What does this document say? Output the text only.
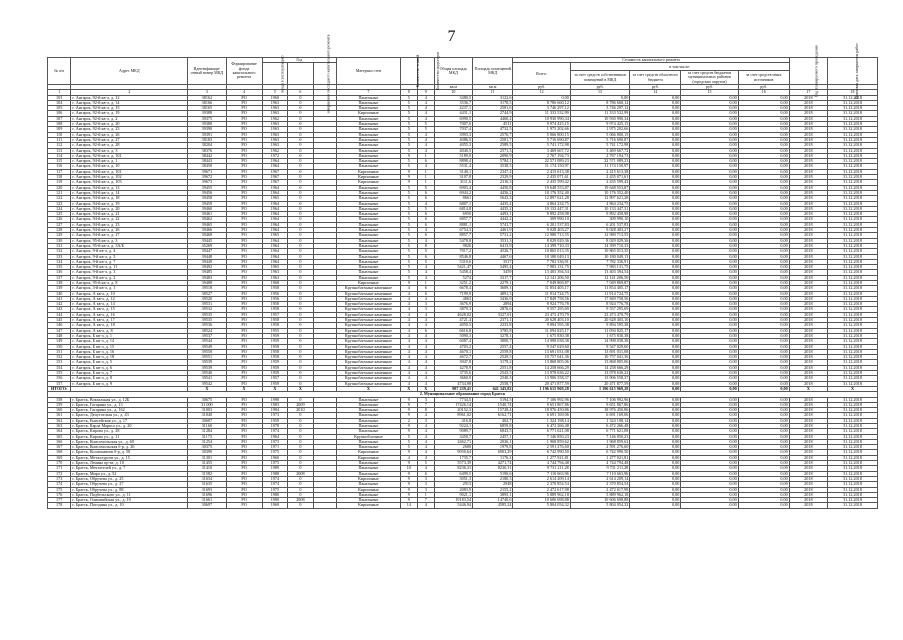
7
№ п/п	Адрес МКД	Идентификаци-онный номер МКД	Формирование фонда капитального ремонта	Год			Материал стен	Количество этажей	Количество подъездов	Общая площадь МКД	Площадь помещений МКД	Стоимость капитального ремонта					Год планируемого проведения	Плановая дата завершения работ
				ввода в эксплуатацию	завершения последнего капитального ремонта							Всего:	в том числе:					
													за счет средств собственников помещений в МКД	за счет средств областного бюджета	за счет средств бюджетов муниципальных районов (городских округов)	за счет средств иных источников		
										кв.м	кв.м	руб.	руб.	руб.	руб.	руб.		
1	2	3	4	5	6		7	8	9	10	11	12	13	14	15	16	17	18
103	г. Ангарск, 92-й кв-л, д. 12	38162	РО	1960	0		Панельные	5	4	3480,5	3122,6	0,00	0,00	0,00	0,00	0,00	2018	31.12.2018
104	г. Ангарск, 92-й кв-л, д. 14	38166	РО	1963	0		Панельные	5	4	3536,7	3178,5	8 786 660,12	8 786 660,12	0,00	0,00	0,00	2018	31.12.2018
105	г. Ангарск, 92-й кв-л, д. 15	38165	РО	1963	0		Панельные	5	4	4237,1	2581,6	3 746 297,12	3 746 297,12	0,00	0,00	0,00	2018	31.12.2018
106	г. Ангарск, 92-й кв-л, д. 19	39388	РО	1963	0		Кирпичные	5	4	4431,1	2744,9	11 333 532,99	11 333 532,99	0,00	0,00	0,00	2018	31.12.2018
107	г. Ангарск, 92-й кв-л, д. 2	39375	РО	1962	0		Панельные	5	4	6990,5	4460,2	10 930 990,34	10 930 990,34	0,00	0,00	0,00	2018	31.12.2018
108	г. Ангарск, 92-й кв-л, д. 20	39380	РО	1963	0		Панельные	5	5	7007,6	4511	9 974 425,15	9 974 425,15	0,00	0,00	0,00	2018	31.12.2018
109	г. Ангарск, 92-й кв-л, д. 23	39390	РО	1963	0		Панельные	5	5	7037,4	4732,5	1 975 202,66	1 975 202,66	0,00	0,00	0,00	2018	31.12.2018
110	г. Ангарск, 92-й кв-л, д. 26	39391	РО	1963	0		Панельные	5	4	3993,3	2576,7	5 066 800,15	5 066 800,15	0,00	0,00	0,00	2018	31.12.2018
111	г. Ангарск, 92-й кв-л, д. 27	38183	РО	1963	0		Панельные	5	4	4086,5	2581,7	5 716 690,87	5 716 690,87	0,00	0,00	0,00	2018	31.12.2018
112	г. Ангарск, 92-й кв-л, д. 28	38204	РО	1963	0		Панельные	5	4	4055,3	2589,5	5 741 172,98	5 741 172,98	0,00	0,00	0,00	2018	31.12.2018
113	г. Ангарск, 92-й кв-л, д. 3	38376	РО	1962	0		Панельные	5	4	4040,5	2571,3	3 469 667,72	3 469 667,72	0,00	0,00	0,00	2018	31.12.2018
114	г. Ангарск, 92-й кв-л, д. 101	38442	РО	1972	0		Панельные	9	1	5189,0	2090,9	2 767 194,73	2 767 194,73	0,00	0,00	0,00	2018	31.12.2018
115	г. Ангарск, 94-й кв-л, д. 1	38443	РО	1964	0		Панельные	5	6	8898,4	5784,1	22 571 089,23	22 571 089,23	0,00	0,00	0,00	2018	31.12.2018
116	г. Ангарск, 94-й кв-л, д. 10	38450	РО	1964	0		Панельные	5	4	5531,4	3538,5	11 174 150,97	11 174 150,97	0,00	0,00	0,00	2018	31.12.2018
117	г. Ангарск, 94-й кв-л, д. 101	39671	РО	1967	0		Кирпичные	9	1	3140,1	2347,4	2 415 613,38	2 415 613,38	0,00	0,00	0,00	2018	31.12.2018
118	г. Ангарск, 94-й кв-л, д. 102	39672	РО	1967	0		Кирпичные	9	1	3107,8	2329,9	2 435 071,61	2 435 071,61	0,00	0,00	0,00	2018	31.12.2018
119	г. Ангарск, 94-й кв-л, д. 103	39673	РО	1967	0		Кирпичные	9	1	3111,6	2316,3	2 435 599,42	2 435 599,42	0,00	0,00	0,00	2018	31.12.2018
120	г. Ангарск, 94-й кв-л, д. 13	39455	РО	1964	0		Панельные	5	5	6903,4	4450,8	19 648 553,87	19 648 553,87	0,00	0,00	0,00	2018	31.12.2018
121	г. Ангарск, 94-й кв-л, д. 14	39456	РО	1964	0		Панельные	5	6	6944,2	4456,2	10 176 352,40	10 176 352,40	0,00	0,00	0,00	2018	31.12.2018
122	г. Ангарск, 94-й кв-л, д. 18	39458	РО	1965	0		Панельные	5	6	8661	5643,3	12 897 621,28	12 897 621,28	0,00	0,00	0,00	2018	31.12.2018
123	г. Ангарск, 94-й кв-л, д. 19	39459	РО	1964	0		Панельные	5	4	6807,1	4435,4	4 864 234,75	4 864 234,75	0,00	0,00	0,00	2018	31.12.2018
124	г. Ангарск, 94-й кв-л, д. 20	39460	РО	1964	0		Панельные	5	5	6814,8	4435,2	10 133 447,31	10 133 447,31	0,00	0,00	0,00	2018	31.12.2018
125	г. Ангарск, 94-й кв-л, д. 21	39461	РО	1964	0		Панельные	5	6	6950	4493,1	9 892 458,98	9 892 458,98	0,00	0,00	0,00	2018	31.12.2018
126	г. Ангарск, 94-й кв-л, д. 22	39462	РО	1964	0		Панельные	5	6	6857,7	4442,2	309 990,10	309 990,10	0,00	0,00	0,00	2018	31.12.2018
127	г. Ангарск, 94-й кв-л, д. 23	39465	РО	1964	0		Панельные	5	6	8881,1	5741,7	6 201 537,83	6 201 537,83	0,00	0,00	0,00	2018	31.12.2018
128	г. Ангарск, 94-й кв-л, д. 26	39466	РО	1964	0		Панельные	5	4	6754,3	4461,9	9 028 403,27	9 028 403,27	0,00	0,00	0,00	2018	31.12.2018
129	г. Ангарск, 94-й кв-л, д. 27	39468	РО	1965	0		Панельные	5	6	8857,7	5731,2	12 980 713,55	12 980 713,55	0,00	0,00	0,00	2018	31.12.2018
130	г. Ангарск, 95-й кв-л, д. 3	39445	РО	1964	0		Панельные	5	4	5478,8	3531,3	8 029 029,36	8 029 029,36	0,00	0,00	0,00	2018	31.12.2018
131	г. Ангарск, 95-й кв-л, д. 3А/Б	45269	РО	1964	0		Панельные	5	8	9826	6413,9	14 399 710,33	14 399 710,33	0,00	0,00	0,00	2018	31.12.2018
132	г. Ангарск, 9-й кв-л, д. 4	39447	РО	1964	0		Панельные	5	5	7017,2	4526,7	10 865 013,35	10 865 013,35	0,00	0,00	0,00	2018	31.12.2018
133	г. Ангарск, 9-й кв-л, д. 5	39448	РО	1964	0		Панельные	5	6	8546,8	4467,6	10 180 049,13	10 180 049,13	0,00	0,00	0,00	2018	31.12.2018
134	г. Ангарск, 9-й кв-л, д. 7	39449	РО	1964	0		Панельные	5	5	5310,6	3517	7 782 336,91	7 782 336,91	0,00	0,00	0,00	2018	31.12.2018
135	г. Ангарск, 9-й кв-л, д. 11	39492	РО	1965	0		Панельные	5	4	5421,47	3495,4	7 983 131,75	7 983 131,75	0,00	0,00	0,00	2018	31.12.2018
136	г. Ангарск, 9-й кв-л, д. 3	39485	РО	1963	0		Панельные	5	4	5458,4	3459	13 403 394,54	13 403 394,54	0,00	0,00	0,00	2018	31.12.2018
137	г. Ангарск, 9-й кв-л, д. 2	39483	РО	1963	0		Панельные	5	4	5274	3317,7	12 141 206,50	12 141 206,50	0,00	0,00	0,00	2018	31.12.2018
138	г. Ангарск, 95-й кв-л, д. 8	39488	РО	1968	0		Кирпичные	9	1	3251,2	2279,1	7 049 869,87	7 049 869,87	0,00	0,00	0,00	2018	31.12.2018
139	г. Ангарск, 3-й кв-л, д. 1	39518	РО	1958	0		Крупноблочные каменные	4	6	6678,4	3609,1	11 854 405,17	11 854 405,17	0,00	0,00	0,00	2018	31.12.2018
140	г. Ангарск, А кв-л, д. 10	38527	РО	1956	0		Крупноблочные каменные	4	6	7199,9	4891,3	11 914 724,75	11 914 724,75	0,00	0,00	0,00	2018	31.12.2018
141	г. Ангарск, А кв-л, д. 12	39520	РО	1956	0		Крупноблочные каменные	4	4	4863	3436,9	17 849 758,56	17 849 758,56	0,00	0,00	0,00	2018	31.12.2018
142	г. Ангарск, А кв-л, д. 14	39531	РО	1958	0		Крупноблочные каменные	4	3	3676,9	2894	8 924 776,78	8 924 776,78	0,00	0,00	0,00	2018	31.12.2018
143	г. Ангарск, А кв-л, д. 15	39532	РО	1958	0		Крупноблочные каменные	4	3	3879,3	2876,6	9 557 295,69	9 557 295,69	0,00	0,00	0,00	2018	31.12.2018
144	г. Ангарск, А кв-л, д. 16	39535	РО	1957	0		Крупноблочные каменные	4	4	4628,02	3327,01	23 473 470,79	23 473 470,79	0,00	0,00	0,00	2018	31.12.2018
145	г. Ангарск, А кв-л, д. 17	39535	РО	1958	0		Крупноблочные каменные	4	4	4721,4	2371,1	20 628 403,10	20 628 403,10	0,00	0,00	0,00	2018	31.12.2018
146	г. Ангарск, А кв-л, д. 18	39536	РО	1958	0		Крупноблочные каменные	4	4	4050,5	2233,8	9 894 595,38	9 894 595,38	0,00	0,00	0,00	2018	31.12.2018
147	г. Ангарск, А кв-л, д. 8	38524	РО	1955	0		Крупноблочные каменные	4	6	6616,8	3785,8	11 094 825,17	11 094 825,17	0,00	0,00	0,00	2018	31.12.2018
148	г. Ангарск, Б кв-л, д. 1	39537	РО	1959	0		Крупноблочные каменные	4	4	5090,3	3278,1	1 675 830,38	1 675 830,38	0,00	0,00	0,00	2018	31.12.2018
149	г. Ангарск, Б кв-л, д. 14	39544	РО	1959	0		Крупноблочные каменные	4	4	6087,4	3800,7	14 998 038,38	14 998 038,38	0,00	0,00	0,00	2018	31.12.2018
150	г. Ангарск, Б кв-л, д. 15	39549	РО	1958	0		Крупноблочные каменные	4	4	4703,2	2557,4	9 547 029,60	9 547 029,60	0,00	0,00	0,00	2018	31.12.2018
151	г. Ангарск, Б кв-л, д. 16	39550	РО	1958	0		Крупноблочные каменные	4	4	4670,1	2559,8	13 691 031,08	13 691 031,08	0,00	0,00	0,00	2018	31.12.2018
152	г. Ангарск, Б кв-л, д. 18	39551	РО	1958	0		Крупноблочные каменные	4	4	4672,7	2529,5	10 757 041,36	10 757 041,36	0,00	0,00	0,00	2018	31.12.2018
153	г. Ангарск, Б кв-л, д. 5	39539	РО	1959	0		Крупноблочные каменные	4	4	3947,8	3179,2	13 868 805,06	13 868 805,06	0,00	0,00	0,00	2018	31.12.2018
154	г. Ангарск, Б кв-л, д. 6	39539	РО	1959	0		Крупноблочные каменные	4	4	4278,9	2551,8	14 258 666,29	14 258 666,29	0,00	0,00	0,00	2018	31.12.2018
155	г. Ангарск, Б кв-л, д. 7	39540	РО	1959	0		Крупноблочные каменные	4	4	3735,6	2543,5	13 978 636,22	13 978 636,22	0,00	0,00	0,00	2018	31.12.2018
156	г. Ангарск, Б кв-л, д. 8	39541	РО	1957	0		Крупноблочные каменные	4	4	3660,9	2540,3	13 906 558,37	13 906 558,37	0,00	0,00	0,00	2018	31.12.2018
157	г. Ангарск, Б кв-л, д. 9	39542	РО	1959	0		Крупноблочные каменные	4	4	4734,98	2558,7	20 471 877,59	20 471 877,59	0,00	0,00	0,00	2018	31.12.2018
ИТОГО:		X	X	X	X		X	X	X	987 239,41	641 345,82	1 196 615 969,28	1 196 615 969,28	0,00	0,00	0,00	X	X
2. Муниципальное образование город Братск																		
158	г. Братск, Вокзальная ул., д. 12Б	30675	РО	1998	0		Панельные	9	3	7734,5	5194,5	7 106 992,96	7 106 992,96	0,00	0,00	0,00	2018	31.12.2018
159	г. Братск, Гагарина ул., д. 13	31 000	РО	1983	2009		Панельные	9	7	17426,14	1540,74	9 651 867,86	9 651 867,86	0,00	0,00	0,00	2018	31.12.2018
160	г. Братск, Гагарина ул., д. 162	31003	РО	1984	2010		Панельные	9	8	20152,3	15728,4	18 976 450,86	18 976 450,86	0,00	0,00	0,00	2018	31.12.2018
161	г. Братск, Депутатская ул., д. 43	31040	РО	1973	0		Панельные	9	4	8961,02	6162,71	6 691 169,06	6 691 169,06	0,00	0,00	0,00	2018	31.12.2018
162	г. Братск, Енисейская ул., д. 17	30607	РО	1959	0		Панельные	2	3	416,8	402,7	1 324 198,14	1 324 198,14	0,00	0,00	0,00	2018	31.12.2018
163	г. Братск, Карла Маркса ул., д. 20	31160	РО	1978	0		Панельные	9	4	9224,1	6859,8	6 472 266,48	6 472 266,48	0,00	0,00	0,00	2018	31.12.2018
164	г. Братск, Кирова ул., д. 28	31284	РО	1974	0		Панельные	9	4	9089,7	6843,5	6 771 621,08	6 771 621,08	0,00	0,00	0,00	2018	31.12.2018
165	г. Братск, Кирова ул., д. 11	31173	РО	1964	0		Крупноблочные	5	4	3450,7	2457,1	7 146 850,23	7 146 850,23	0,00	0,00	0,00	2018	31.12.2018
166	г. Братск, Комсомольская ул., д. 60	31254	РО	1973	0		Панельные	5	4	2462,71	2026,1	1 968 859,62	1 968 859,62	0,00	0,00	0,00	2018	31.12.2018
167	г. Братск, Комсомольская б-р, д. 26	30375	РО	1971	0		Панельные	5	4	2680	1979,8	2 591 276,60	2 591 276,60	0,00	0,00	0,00	2018	31.12.2018
168	г. Братск, Космонавтов б-р, д. 58	30390	РО	1975	0		Кирпичные	9	4	9050,64	6903,29	6 742 990,50	6 742 990,50	0,00	0,00	0,00	2018	31.12.2018
169	г. Братск, Металлургов ул., д. 15	31301	РО	1960	0		Кирпичные	4	4	1735,7	1176,3	1 277 921,81	1 277 921,81	0,00	0,00	0,00	2018	31.12.2018
170	г. Братск, Ленина пр-кт, д. 10	31455	РО	1975	0		Панельные	9	5	5573,39	4271,74	4 744 794,48	4 744 794,48	0,00	0,00	0,00	2018	31.12.2018
171	г. Братск, Мечтателей ул., д. 7	31410	РО	1989	0		Панельные	10	4	8236,31	8236,31	9 731 211,28	9 731 211,28	0,00	0,00	0,00	2018	31.12.2018
172	г. Братск, Мира ул., д. 52	31582	РО	1988	2008		Панельные	9	6	6499,5	5190,6	7 110 663,96	7 110 663,96	0,00	0,00	0,00	2018	31.12.2018
173	г. Братск, Обручева ул., д. 25	31634	РО	1974	0		Кирпичные	9	3	3051,3	2180,3	2 614 209,14	2 614 209,14	0,00	0,00	0,00	2018	31.12.2018
174	г. Братск, Обручева ул., д. 27	31635	РО	1974	0		Панельные	9	3	2913	2948	2 370 854,54	2 370 854,54	0,00	0,00	0,00	2018	31.12.2018
175	г. Братск, Обручева ул., д. 88	31693	РО	1975	0		Кирпичные	9	3	2083,9	2155,2	2 472 617,98	2 472 617,98	0,00	0,00	0,00	2018	31.12.2018
176	г. Братск, Подбельского ул., д. 11	31696	РО	1980	0		Панельные	9	1	9021,1	3895,1	5 889 962,18	5 889 962,18	0,00	0,00	0,00	2018	31.12.2018
177	г. Братск, Олимпийская ул., д. 19	31661	РО	1990	2008		Панельные	9	7	19183,54	14740,6	10 606 698,88	10 606 698,88	0,00	0,00	0,00	2018	31.12.2018
178	г. Братск, Погодина ул., д. 10	30697	РО	1969	0		Кирпичные	14	4	5446,94	4585,24	5 804 054,32	5 804 054,32	0,00	0,00	0,00	2018	31.12.2018
